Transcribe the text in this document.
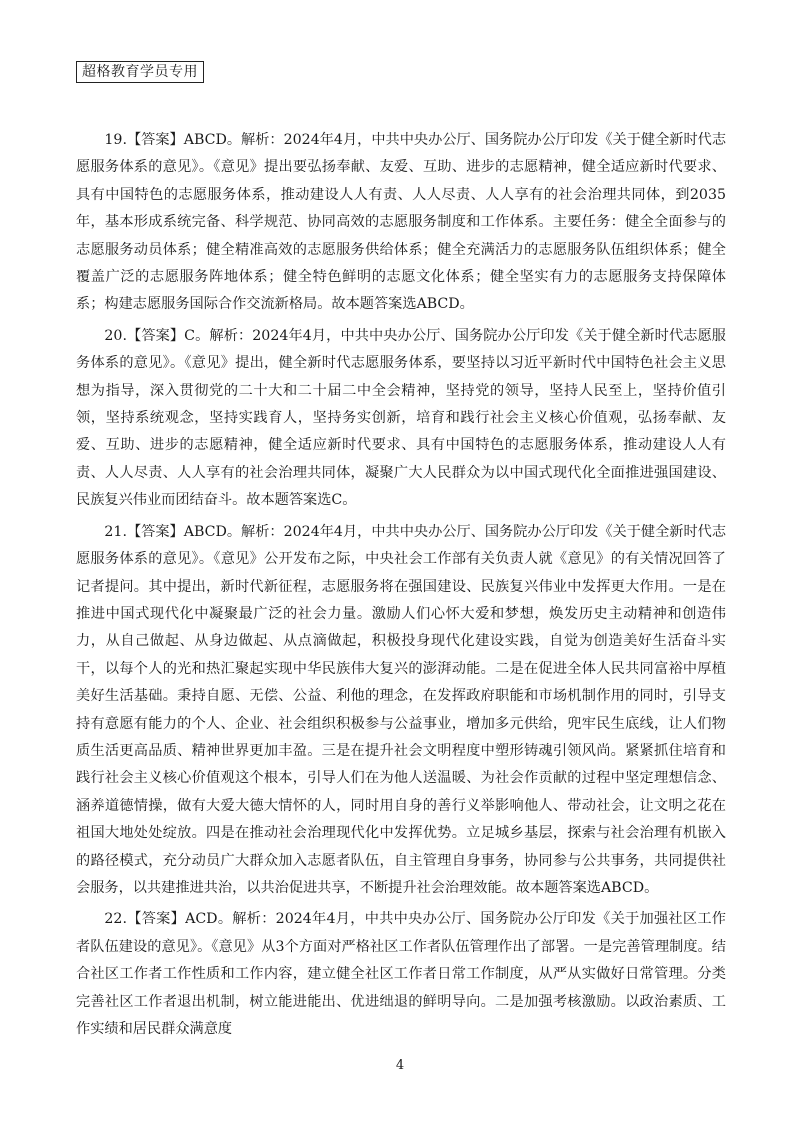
超格教育学员专用

19.【答案】ABCD。解析：2024年4月，中共中央办公厅、国务院办公厅印发《关于健全新时代志愿服务体系的意见》。《意见》提出要弘扬奉献、友爱、互助、进步的志愿精神，健全适应新时代要求、具有中国特色的志愿服务体系，推动建设人人有责、人人尽责、人人享有的社会治理共同体，到2035年，基本形成系统完备、科学规范、协同高效的志愿服务制度和工作体系。主要任务：健全全面参与的志愿服务动员体系；健全精准高效的志愿服务供给体系；健全充满活力的志愿服务队伍组织体系；健全覆盖广泛的志愿服务阵地体系；健全特色鲜明的志愿文化体系；健全坚实有力的志愿服务支持保障体系；构建志愿服务国际合作交流新格局。故本题答案选ABCD。

20.【答案】C。解析：2024年4月，中共中央办公厅、国务院办公厅印发《关于健全新时代志愿服务体系的意见》。《意见》提出，健全新时代志愿服务体系，要坚持以习近平新时代中国特色社会主义思想为指导，深入贯彻党的二十大和二十届二中全会精神，坚持党的领导，坚持人民至上，坚持价值引领，坚持系统观念，坚持实践育人，坚持务实创新，培育和践行社会主义核心价值观，弘扬奉献、友爱、互助、进步的志愿精神，健全适应新时代要求、具有中国特色的志愿服务体系，推动建设人人有责、人人尽责、人人享有的社会治理共同体，凝聚广大人民群众为以中国式现代化全面推进强国建设、民族复兴伟业而团结奋斗。故本题答案选C。

21.【答案】ABCD。解析：2024年4月，中共中央办公厅、国务院办公厅印发《关于健全新时代志愿服务体系的意见》。《意见》公开发布之际，中央社会工作部有关负责人就《意见》的有关情况回答了记者提问。其中提出，新时代新征程，志愿服务将在强国建设、民族复兴伟业中发挥更大作用。一是在推进中国式现代化中凝聚最广泛的社会力量。激励人们心怀大爱和梦想，焕发历史主动精神和创造伟力，从自己做起、从身边做起、从点滴做起，积极投身现代化建设实践，自觉为创造美好生活奋斗实干，以每个人的光和热汇聚起实现中华民族伟大复兴的澎湃动能。二是在促进全体人民共同富裕中厚植美好生活基础。秉持自愿、无偿、公益、利他的理念，在发挥政府职能和市场机制作用的同时，引导支持有意愿有能力的个人、企业、社会组织积极参与公益事业，增加多元供给，兜牢民生底线，让人们物质生活更高品质、精神世界更加丰盈。三是在提升社会文明程度中塑形铸魂引领风尚。紧紧抓住培育和践行社会主义核心价值观这个根本，引导人们在为他人送温暖、为社会作贡献的过程中坚定理想信念、涵养道德情操，做有大爱大德大情怀的人，同时用自身的善行义举影响他人、带动社会，让文明之花在祖国大地处处绽放。四是在推动社会治理现代化中发挥优势。立足城乡基层，探索与社会治理有机嵌入的路径模式，充分动员广大群众加入志愿者队伍，自主管理自身事务，协同参与公共事务，共同提供社会服务，以共建推进共治，以共治促进共享，不断提升社会治理效能。故本题答案选ABCD。

22.【答案】ACD。解析：2024年4月，中共中央办公厅、国务院办公厅印发《关于加强社区工作者队伍建设的意见》。《意见》从3个方面对严格社区工作者队伍管理作出了部署。一是完善管理制度。结合社区工作者工作性质和工作内容，建立健全社区工作者日常工作制度，从严从实做好日常管理。分类完善社区工作者退出机制，树立能进能出、优进绌退的鲜明导向。二是加强考核激励。以政治素质、工作实绩和居民群众满意度

4
